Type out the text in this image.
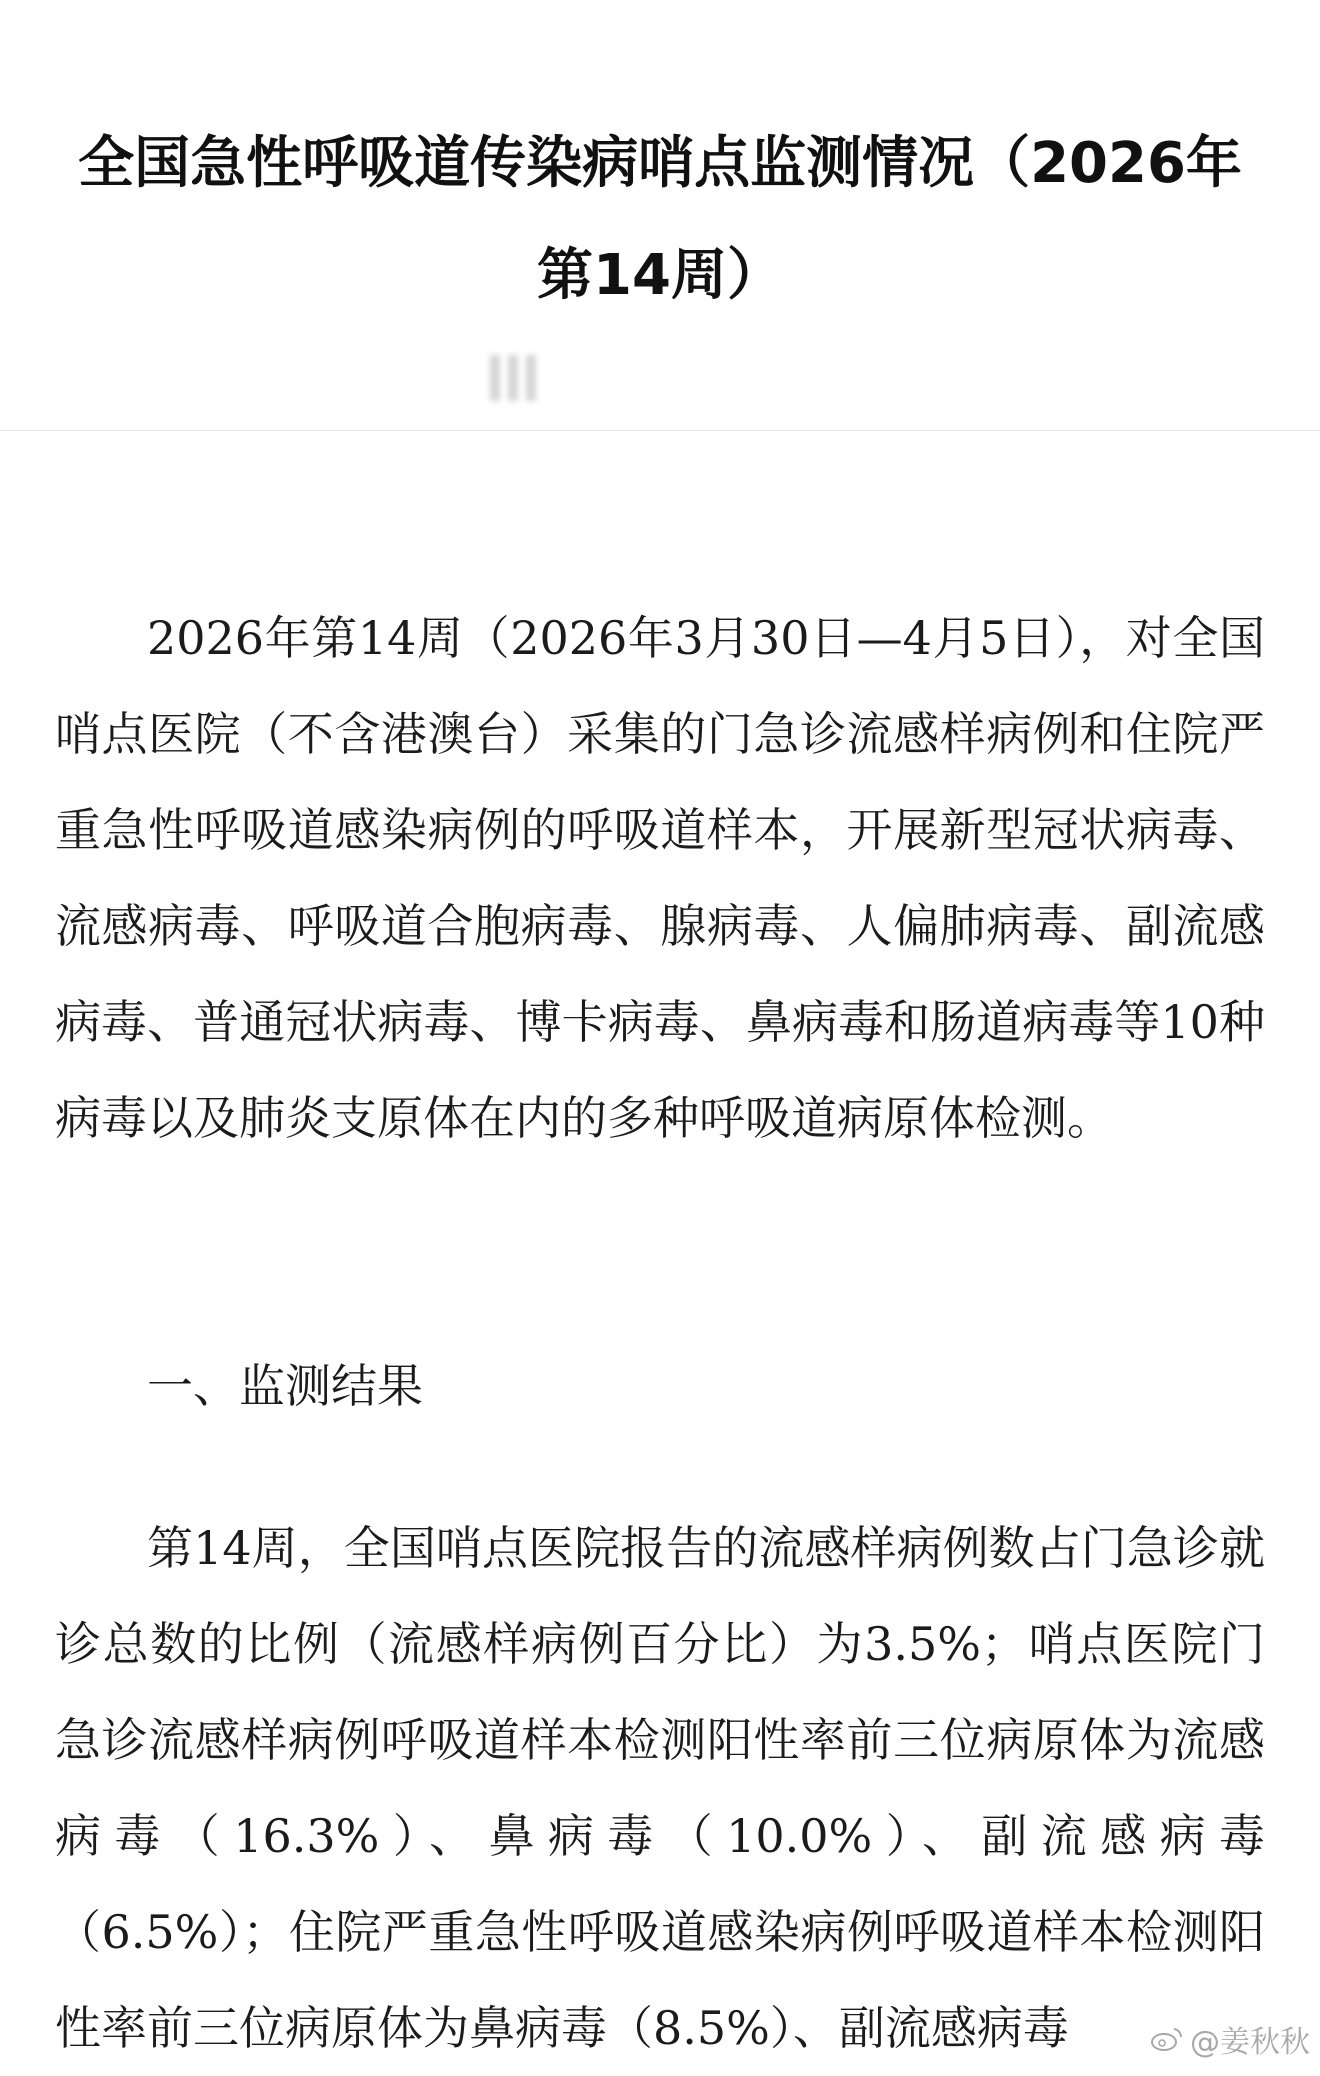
全国急性呼吸道传染病哨点监测情况（2026年
第14周）

2026年第14周（2026年3月30日—4月5日），对全国哨点医院（不含港澳台）采集的门急诊流感样病例和住院严重急性呼吸道感染病例的呼吸道样本，开展新型冠状病毒、流感病毒、呼吸道合胞病毒、腺病毒、人偏肺病毒、副流感病毒、普通冠状病毒、博卡病毒、鼻病毒和肠道病毒等10种病毒以及肺炎支原体在内的多种呼吸道病原体检测。

一、监测结果

第14周，全国哨点医院报告的流感样病例数占门急诊就诊总数的比例（流感样病例百分比）为3.5%；哨点医院门急诊流感样病例呼吸道样本检测阳性率前三位病原体为流感病毒（16.3%）、鼻病毒（10.0%）、副流感病毒（6.5%）；住院严重急性呼吸道感染病例呼吸道样本检测阳性率前三位病原体为鼻病毒（8.5%）、副流感病毒	@姜秋秋
